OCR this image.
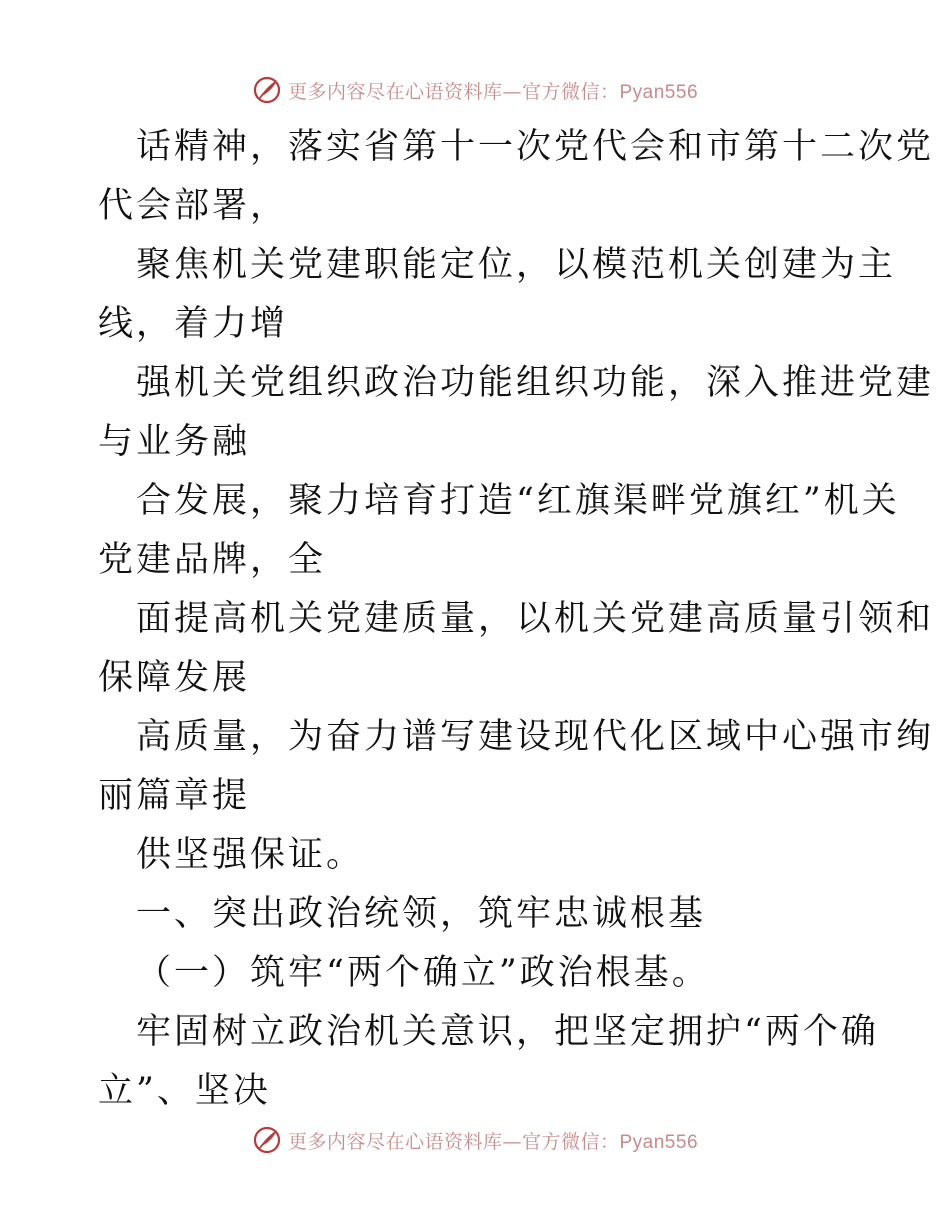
更多内容尽在心语资料库—官方微信：Pyan556

话精神，落实省第十一次党代会和市第十二次党

代会部署，

聚焦机关党建职能定位，以模范机关创建为主

线，着力增

强机关党组织政治功能组织功能，深入推进党建

与业务融

合发展，聚力培育打造“红旗渠畔党旗红”机关

党建品牌，全

面提高机关党建质量，以机关党建高质量引领和

保障发展

高质量，为奋力谱写建设现代化区域中心强市绚

丽篇章提

供坚强保证。

一、突出政治统领，筑牢忠诚根基

（一）筑牢“两个确立”政治根基。

牢固树立政治机关意识，把坚定拥护“两个确

立”、坚决

更多内容尽在心语资料库—官方微信：Pyan556
